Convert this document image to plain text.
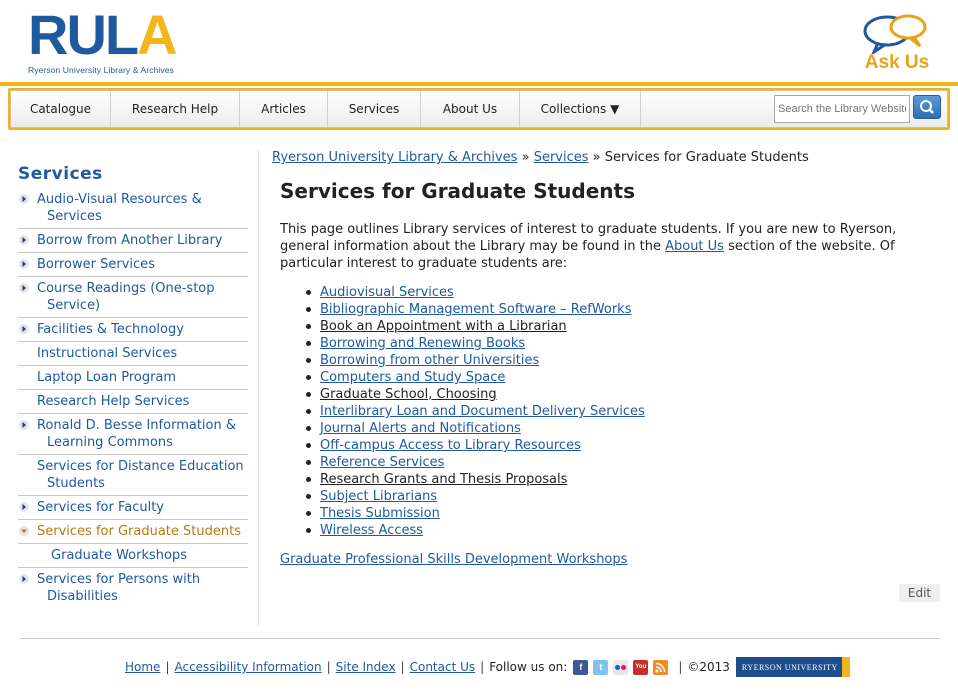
RULA
Ryerson University Library & Archives	Ask Us
Catalogue	Research Help	Articles	Services	About Us	Collections ▼
Search the Library Website
Services
Audio-Visual Resources & Services
Borrow from Another Library
Borrower Services
Course Readings (One-stop Service)
Facilities & Technology
Instructional Services
Laptop Loan Program
Research Help Services
Ronald D. Besse Information & Learning Commons
Services for Distance Education Students
Services for Faculty
Services for Graduate Students
Graduate Workshops
Services for Persons with Disabilities
Ryerson University Library & Archives » Services » Services for Graduate Students
Services for Graduate Students

This page outlines Library services of interest to graduate students. If you are new to Ryerson, general information about the Library may be found in the About Us section of the website. Of particular interest to graduate students are:

Audiovisual Services
Bibliographic Management Software – RefWorks
Book an Appointment with a Librarian
Borrowing and Renewing Books
Borrowing from other Universities
Computers and Study Space
Graduate School, Choosing
Interlibrary Loan and Document Delivery Services
Journal Alerts and Notifications
Off-campus Access to Library Resources
Reference Services
Research Grants and Thesis Proposals
Subject Librarians
Thesis Submission
Wireless Access
Graduate Professional Skills Development Workshops
Edit
Home | Accessibility Information | Site Index | Contact Us | Follow us on:	f	t	You	| ©2013	RYERSON UNIVERSITY
